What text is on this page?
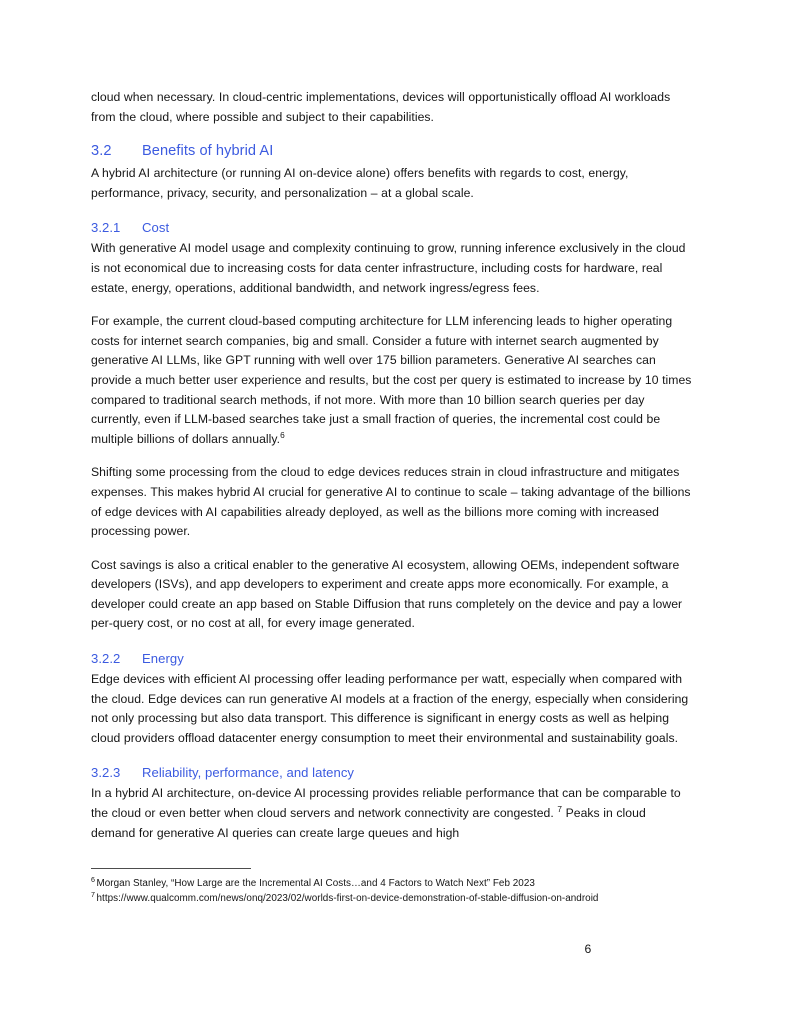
cloud when necessary. In cloud-centric implementations, devices will opportunistically offload AI workloads from the cloud, where possible and subject to their capabilities.

3.2	Benefits of hybrid AI

A hybrid AI architecture (or running AI on-device alone) offers benefits with regards to cost, energy, performance, privacy, security, and personalization – at a global scale.

3.2.1	Cost

With generative AI model usage and complexity continuing to grow, running inference exclusively in the cloud is not economical due to increasing costs for data center infrastructure, including costs for hardware, real estate, energy, operations, additional bandwidth, and network ingress/egress fees.

For example, the current cloud-based computing architecture for LLM inferencing leads to higher operating costs for internet search companies, big and small. Consider a future with internet search augmented by generative AI LLMs, like GPT running with well over 175 billion parameters. Generative AI searches can provide a much better user experience and results, but the cost per query is estimated to increase by 10 times compared to traditional search methods, if not more. With more than 10 billion search queries per day currently, even if LLM-based searches take just a small fraction of queries, the incremental cost could be multiple billions of dollars annually.$^6$

Shifting some processing from the cloud to edge devices reduces strain in cloud infrastructure and mitigates expenses. This makes hybrid AI crucial for generative AI to continue to scale – taking advantage of the billions of edge devices with AI capabilities already deployed, as well as the billions more coming with increased processing power.

Cost savings is also a critical enabler to the generative AI ecosystem, allowing OEMs, independent software developers (ISVs), and app developers to experiment and create apps more economically. For example, a developer could create an app based on Stable Diffusion that runs completely on the device and pay a lower per-query cost, or no cost at all, for every image generated.

3.2.2	Energy

Edge devices with efficient AI processing offer leading performance per watt, especially when compared with the cloud. Edge devices can run generative AI models at a fraction of the energy, especially when considering not only processing but also data transport. This difference is significant in energy costs as well as helping cloud providers offload datacenter energy consumption to meet their environmental and sustainability goals.

3.2.3	Reliability, performance, and latency

In a hybrid AI architecture, on-device AI processing provides reliable performance that can be comparable to the cloud or even better when cloud servers and network connectivity are congested. $^7$ Peaks in cloud demand for generative AI queries can create large queues and high

$^6$ Morgan Stanley, “How Large are the Incremental AI Costs…and 4 Factors to Watch Next” Feb 2023
$^7$ https://www.qualcomm.com/news/onq/2023/02/worlds-first-on-device-demonstration-of-stable-diffusion-on-android
6
